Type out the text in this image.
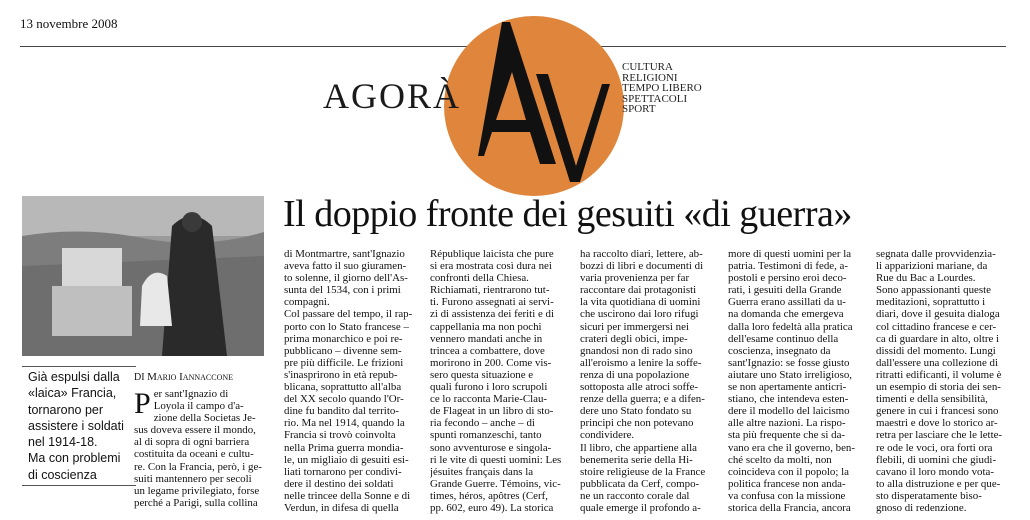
13 novembre 2008
AGORÀ
CULTURA
RELIGIONI
TEMPO LIBERO
SPETTACOLI
SPORT
Il doppio fronte dei gesuiti «di guerra»
Già espulsi dalla
«laica» Francia,
tornarono per
assistere i soldati
nel 1914-18.
Ma con problemi
di coscienza
DI Mario Iannaccone
P er sant'Ignazio di
Loyola il campo d'a-
zione della Societas Je-
sus doveva essere il mondo,
al di sopra di ogni barriera
costituita da oceani e cultu-
re. Con la Francia, però, i ge-
suiti mantennero per secoli
un legame privilegiato, forse
perché a Parigi, sulla collina
di Montmartre, sant'Ignazio
aveva fatto il suo giuramen-
to solenne, il giorno dell'As-
sunta del 1534, con i primi
compagni.
Col passare del tempo, il rap-
porto con lo Stato francese –
prima monarchico e poi re-
pubblicano – divenne sem-
pre più difficile. Le frizioni
s'inasprirono in età repub-
blicana, soprattutto all'alba
del XX secolo quando l'Or-
dine fu bandito dal territo-
rio. Ma nel 1914, quando la
Francia si trovò coinvolta
nella Prima guerra mondia-
le, un migliaio di gesuiti esi-
liati tornarono per condivi-
dere il destino dei soldati
nelle trincee della Sonne e di
Verdun, in difesa di quella
République laicista che pure
si era mostrata così dura nei
confronti della Chiesa.
Richiamati, rientrarono tut-
ti. Furono assegnati ai servi-
zi di assistenza dei feriti e di
cappellania ma non pochi
vennero mandati anche in
trincea a combattere, dove
morirono in 200. Come vis-
sero questa situazione e
quali furono i loro scrupoli
ce lo racconta Marie-Clau-
de Flageat in un libro di sto-
ria fecondo – anche – di
spunti romanzeschi, tanto
sono avventurose e singola-
ri le vite di questi uomini: Les
jésuites français dans la
Grande Guerre. Témoins, vic-
times, héros, apôtres (Cerf,
pp. 602, euro 49). La storica
ha raccolto diari, lettere, ab-
bozzi di libri e documenti di
varia provenienza per far
raccontare dai protagonisti
la vita quotidiana di uomini
che uscirono dai loro rifugi
sicuri per immergersi nei
crateri degli obici, impe-
gnandosi non di rado sino
all'eroismo a lenire la soffe-
renza di una popolazione
sottoposta alle atroci soffe-
renze della guerra; e a difen-
dere uno Stato fondato su
principi che non potevano
condividere.
Il libro, che appartiene alla
benemerita serie della Hi-
stoire religieuse de la France
pubblicata da Cerf, compo-
ne un racconto corale dal
quale emerge il profondo a-
more di questi uomini per la
patria. Testimoni di fede, a-
postoli e persino eroi deco-
rati, i gesuiti della Grande
Guerra erano assillati da u-
na domanda che emergeva
dalla loro fedeltà alla pratica
dell'esame continuo della
coscienza, insegnato da
sant'Ignazio: se fosse giusto
aiutare uno Stato irreligioso,
se non apertamente anticri-
stiano, che intendeva esten-
dere il modello del laicismo
alle altre nazioni. La rispo-
sta più frequente che si da-
vano era che il governo, ben-
ché scelto da molti, non
coincideva con il popolo; la
politica francese non anda-
va confusa con la missione
storica della Francia, ancora
segnata dalle provvidenzia-
li apparizioni mariane, da
Rue du Bac a Lourdes.
Sono appassionanti queste
meditazioni, soprattutto i
diari, dove il gesuita dialoga
col cittadino francese e cer-
ca di guardare in alto, oltre i
dissidi del momento. Lungi
dall'essere una collezione di
ritratti edificanti, il volume è
un esempio di storia dei sen-
timenti e della sensibilità,
genere in cui i francesi sono
maestri e dove lo storico ar-
retra per lasciare che le lette-
re ode le voci, ora forti ora
flebili, di uomini che giudi-
cavano il loro mondo vota-
to alla distruzione e per que-
sto disperatamente biso-
gnoso di redenzione.
